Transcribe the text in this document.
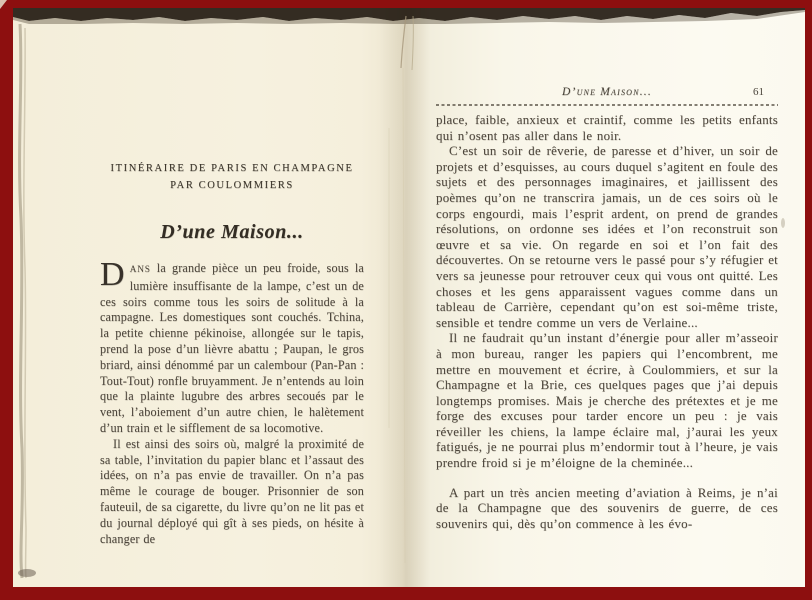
ITINÉRAIRE DE PARIS EN CHAMPAGNE
PAR COULOMMIERS
D’une Maison...

DANS la grande pièce un peu froide, sous la lumière insuffisante de la lampe, c’est un de ces soirs comme tous les soirs de solitude à la campagne. Les domestiques sont couchés. Tchina, la petite chienne pékinoise, allongée sur le tapis, prend la pose d’un lièvre abattu ; Paupan, le gros briard, ainsi dénommé par un calembour (Pan-Pan : Tout-Tout) ronfle bruyamment. Je n’entends au loin que la plainte lugubre des arbres secoués par le vent, l’aboiement d’un autre chien, le halètement d’un train et le sifflement de sa locomotive.

Il est ainsi des soirs où, malgré la proximité de sa table, l’invitation du papier blanc et l’assaut des idées, on n’a pas envie de travailler. On n’a pas même le courage de bouger. Prisonnier de son fauteuil, de sa cigarette, du livre qu’on ne lit pas et du journal déployé qui gît à ses pieds, on hésite à changer de

D’une Maison...	61

place, faible, anxieux et craintif, comme les petits enfants qui n’osent pas aller dans le noir.

C’est un soir de rêverie, de paresse et d’hiver, un soir de projets et d’esquisses, au cours duquel s’agitent en foule des sujets et des personnages imaginaires, et jaillissent des poèmes qu’on ne transcrira jamais, un de ces soirs où le corps engourdi, mais l’esprit ardent, on prend de grandes résolutions, on ordonne ses idées et l’on reconstruit son œuvre et sa vie. On regarde en soi et l’on fait des découvertes. On se retourne vers le passé pour s’y réfugier et vers sa jeunesse pour retrouver ceux qui vous ont quitté. Les choses et les gens apparaissent vagues comme dans un tableau de Carrière, cependant qu’on est soi-même triste, sensible et tendre comme un vers de Verlaine...

Il ne faudrait qu’un instant d’énergie pour aller m’asseoir à mon bureau, ranger les papiers qui l’encombrent, me mettre en mouvement et écrire, à Coulommiers, et sur la Champagne et la Brie, ces quelques pages que j’ai depuis longtemps promises. Mais je cherche des prétextes et je me forge des excuses pour tarder encore un peu : je vais réveiller les chiens, la lampe éclaire mal, j’aurai les yeux fatigués, je ne pourrai plus m’endormir tout à l’heure, je vais prendre froid si je m’éloigne de la cheminée...

A part un très ancien meeting d’aviation à Reims, je n’ai de la Champagne que des souvenirs de guerre, de ces souvenirs qui, dès qu’on commence à les évo-
